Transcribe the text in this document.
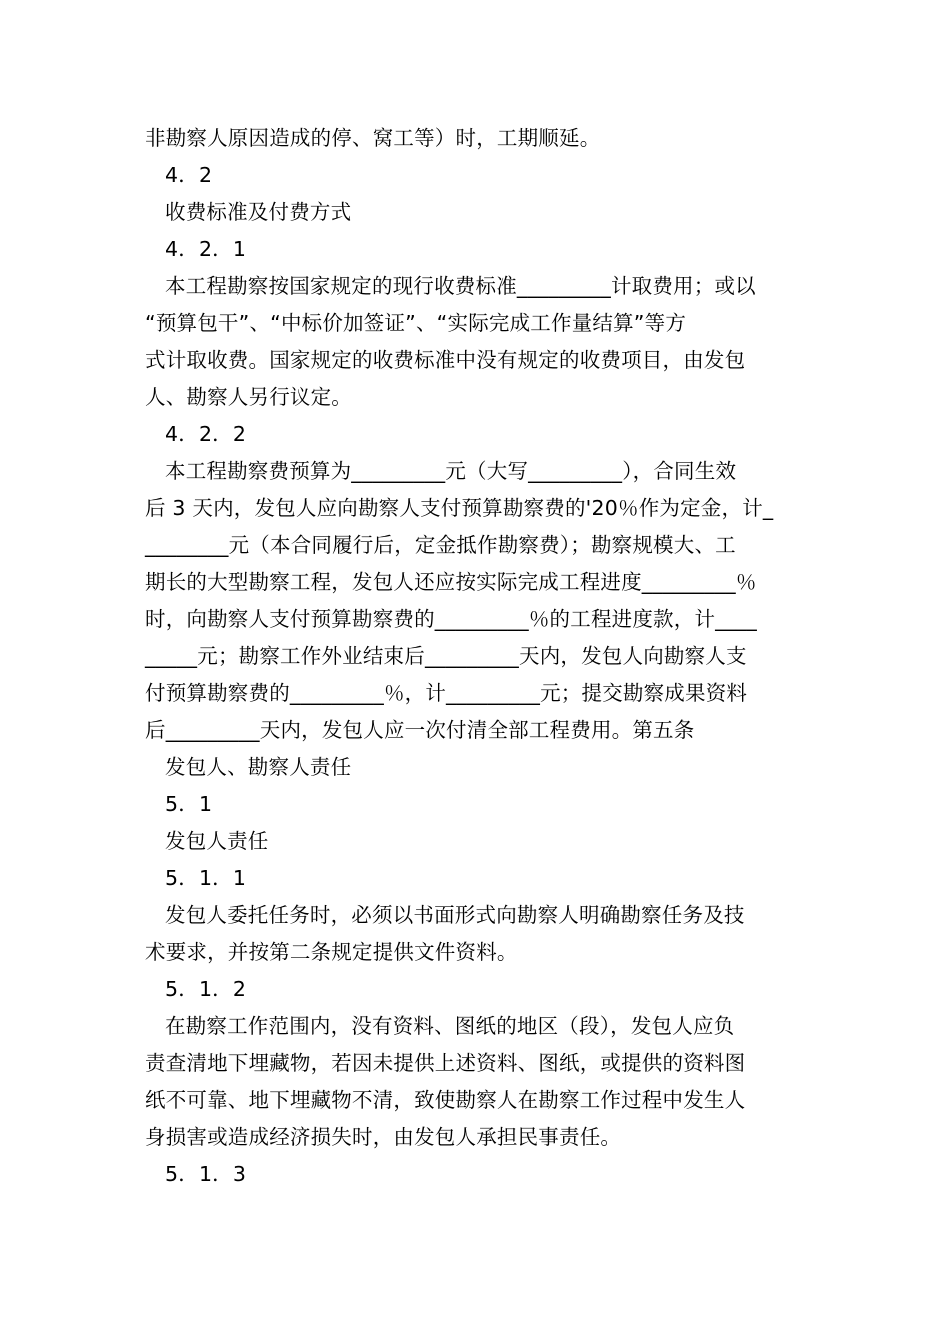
非勘察人原因造成的停、窝工等）时，工期顺延。
4．2
收费标准及付费方式
4．2．1
本工程勘察按国家规定的现行收费标准_________计取费用；或以
“预算包干”、“中标价加签证”、“实际完成工作量结算”等方
式计取收费。国家规定的收费标准中没有规定的收费项目，由发包
人、勘察人另行议定。
4．2．2
本工程勘察费预算为_________元（大写_________），合同生效
后 3 天内，发包人应向勘察人支付预算勘察费的'20％作为定金，计_
________元（本合同履行后，定金抵作勘察费）；勘察规模大、工
期长的大型勘察工程，发包人还应按实际完成工程进度_________％
时，向勘察人支付预算勘察费的_________％的工程进度款，计____
_____元；勘察工作外业结束后_________天内，发包人向勘察人支
付预算勘察费的_________％，计_________元；提交勘察成果资料
后_________天内，发包人应一次付清全部工程费用。第五条
发包人、勘察人责任
5．1
发包人责任
5．1．1
发包人委托任务时，必须以书面形式向勘察人明确勘察任务及技
术要求，并按第二条规定提供文件资料。
5．1．2
在勘察工作范围内，没有资料、图纸的地区（段），发包人应负
责查清地下埋藏物，若因未提供上述资料、图纸，或提供的资料图
纸不可靠、地下埋藏物不清，致使勘察人在勘察工作过程中发生人
身损害或造成经济损失时，由发包人承担民事责任。
5．1．3
